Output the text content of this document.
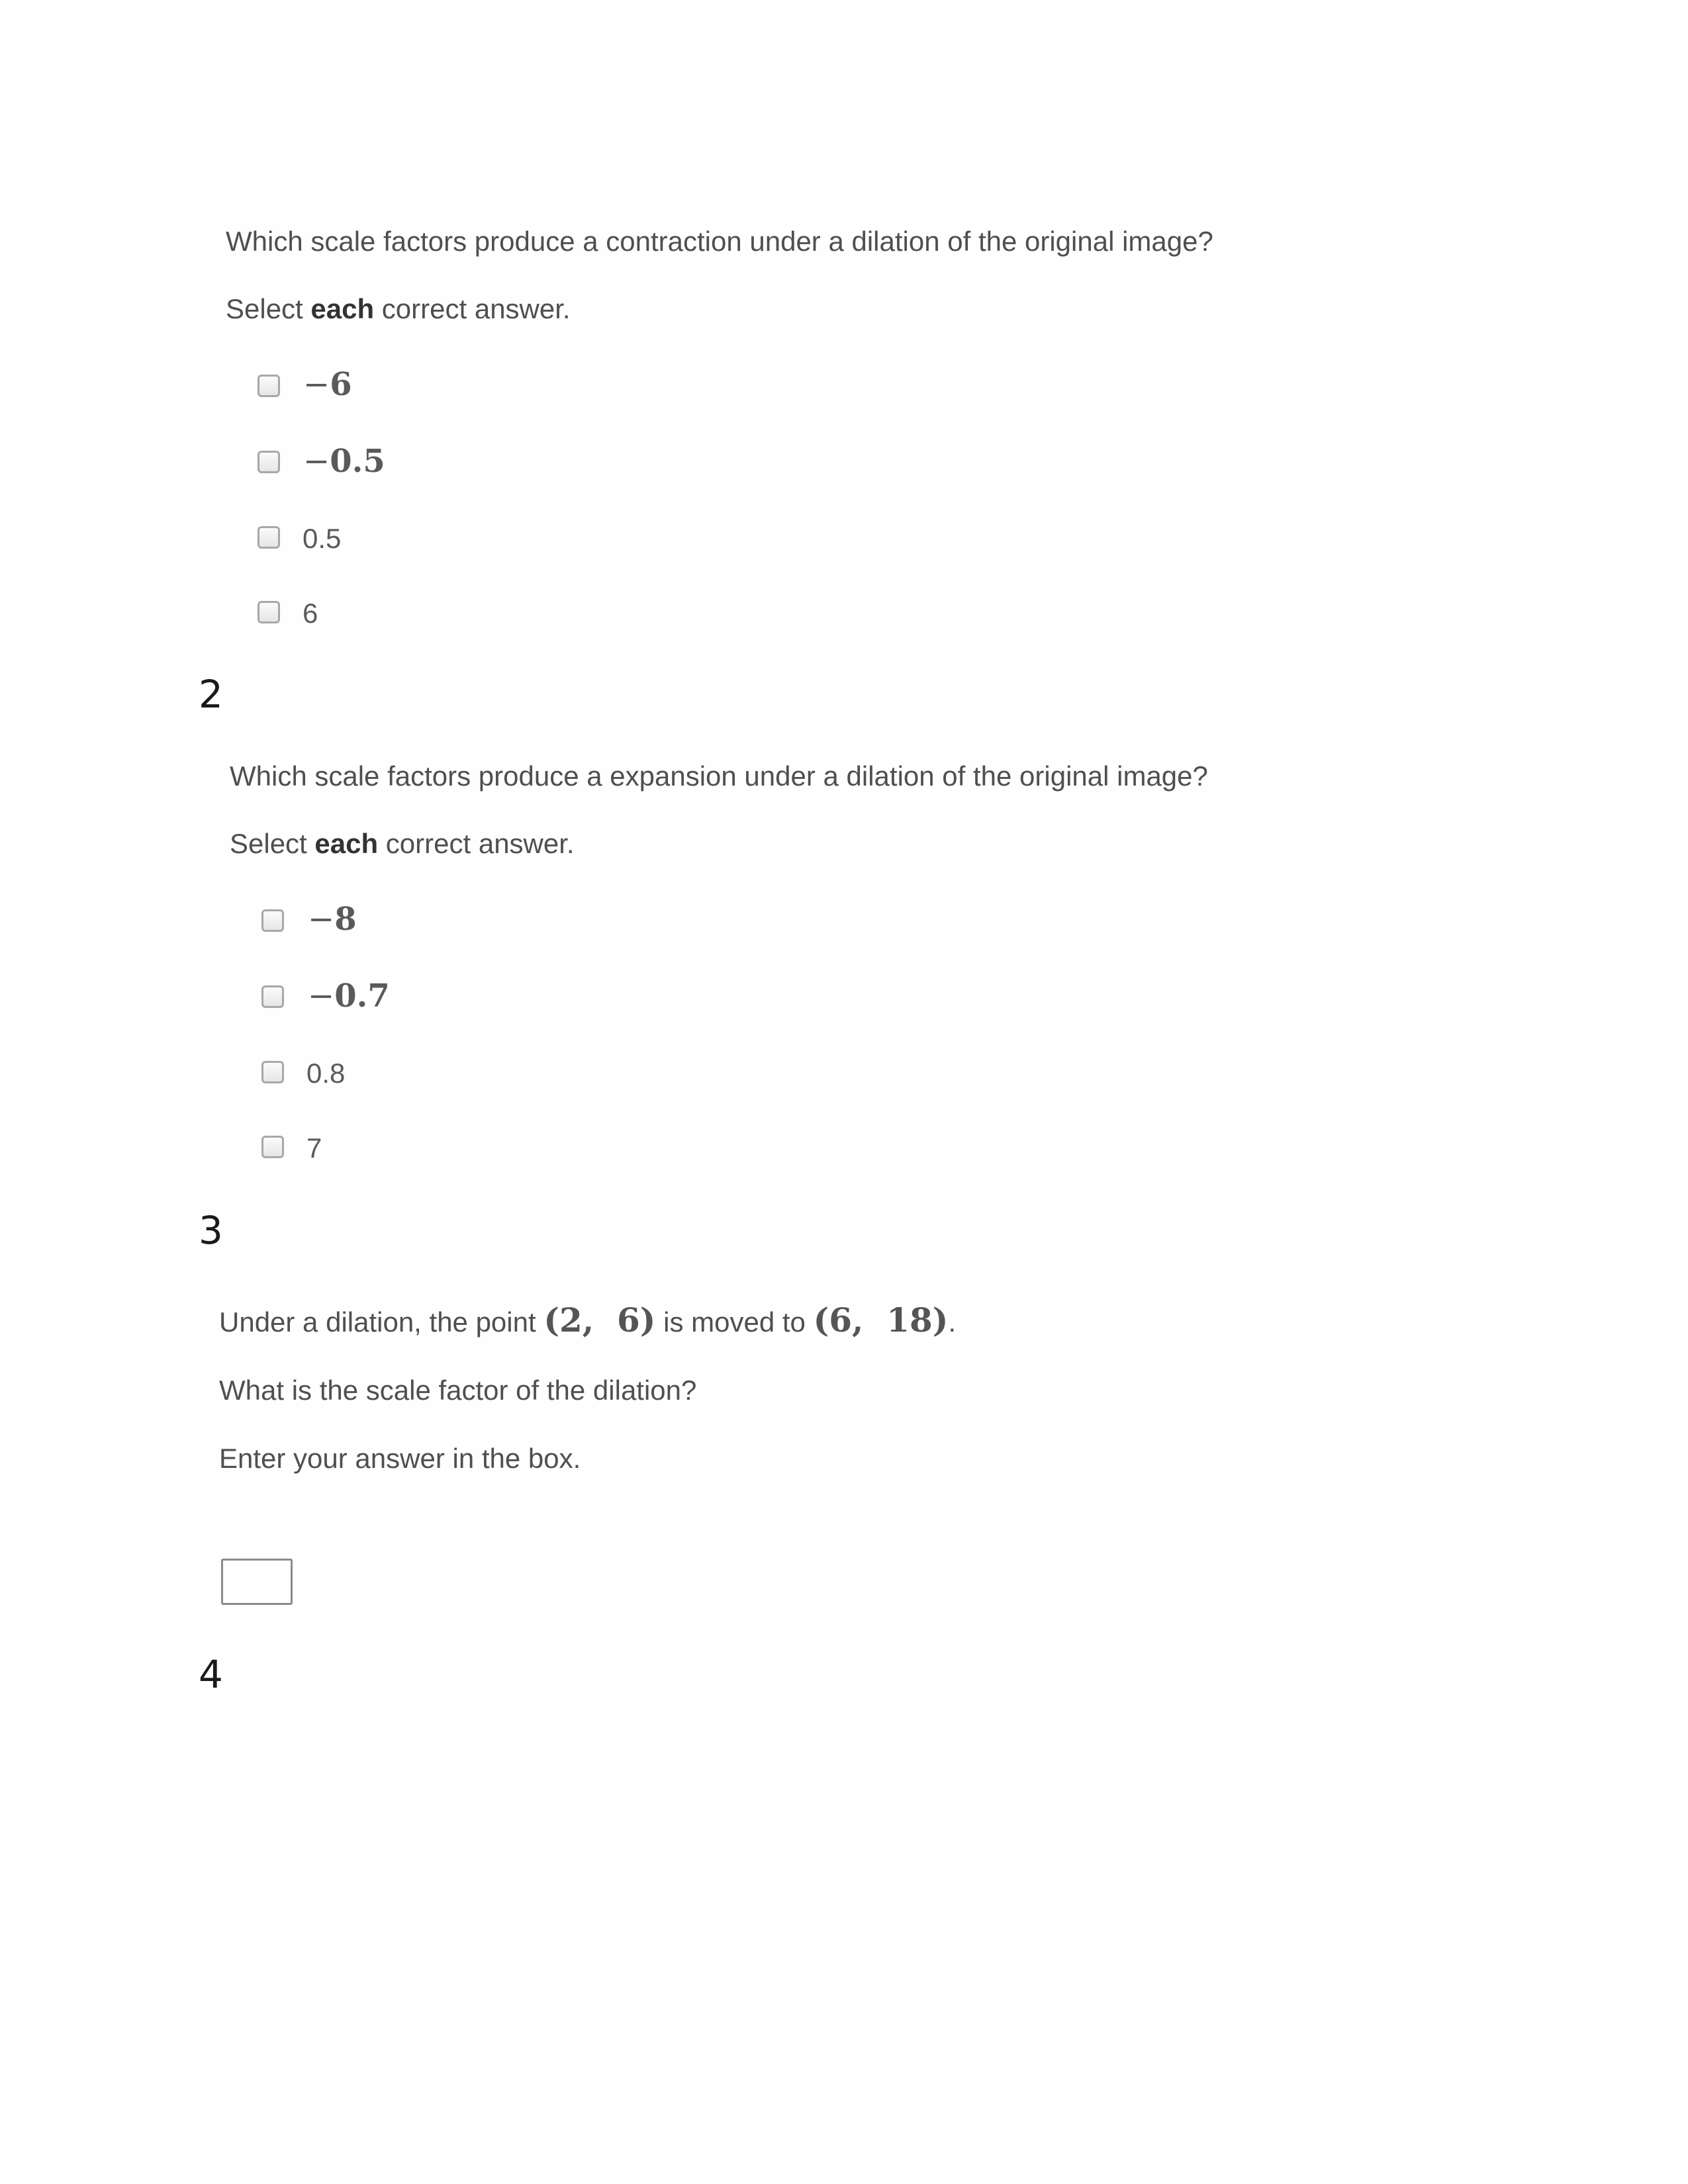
Which scale factors produce a contraction under a dilation of the original image?
Select each correct answer.
−6
−0.5
0.5
6
2
Which scale factors produce a expansion under a dilation of the original image?
Select each correct answer.
−8
−0.7
0.8
7
3
Under a dilation, the point (2,  6) is moved to (6,  18).
What is the scale factor of the dilation?
Enter your answer in the box.
4
